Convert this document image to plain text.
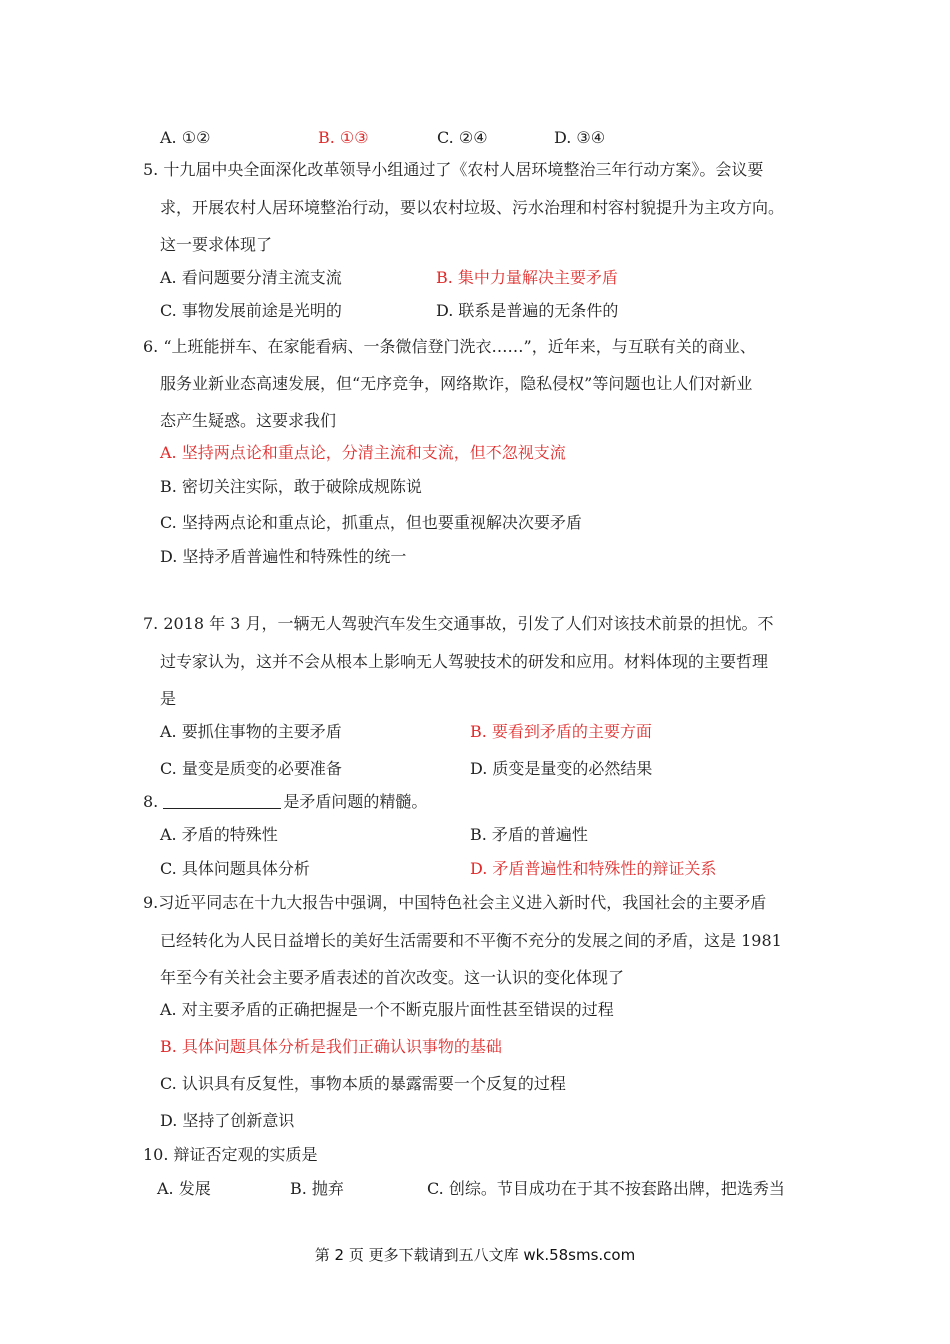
A. ①②	B. ①③	C. ②④	D. ③④
5. 十九届中央全面深化改革领导小组通过了《农村人居环境整治三年行动方案》。会议要
求，开展农村人居环境整治行动，要以农村垃圾、污水治理和村容村貌提升为主攻方向。
这一要求体现了
A. 看问题要分清主流支流	B. 集中力量解决主要矛盾
C. 事物发展前途是光明的	D. 联系是普遍的无条件的
6. “上班能拼车、在家能看病、一条微信登门洗衣……”，近年来，与互联有关的商业、
服务业新业态高速发展，但“无序竞争，网络欺诈，隐私侵权”等问题也让人们对新业
态产生疑惑。这要求我们
A. 坚持两点论和重点论，分清主流和支流，但不忽视支流
B. 密切关注实际，敢于破除成规陈说
C. 坚持两点论和重点论，抓重点，但也要重视解决次要矛盾
D. 坚持矛盾普遍性和特殊性的统一
7. 2018 年 3 月，一辆无人驾驶汽车发生交通事故，引发了人们对该技术前景的担忧。不
过专家认为，这并不会从根本上影响无人驾驶技术的研发和应用。材料体现的主要哲理
是
A. 要抓住事物的主要矛盾	B. 要看到矛盾的主要方面
C. 量变是质变的必要准备	D. 质变是量变的必然结果
8.	是矛盾问题的精髓。
A. 矛盾的特殊性	B. 矛盾的普遍性
C. 具体问题具体分析	D. 矛盾普遍性和特殊性的辩证关系
9.习近平同志在十九大报告中强调，中国特色社会主义进入新时代，我国社会的主要矛盾
已经转化为人民日益增长的美好生活需要和不平衡不充分的发展之间的矛盾，这是 1981
年至今有关社会主要矛盾表述的首次改变。这一认识的变化体现了
A. 对主要矛盾的正确把握是一个不断克服片面性甚至错误的过程
B. 具体问题具体分析是我们正确认识事物的基础
C. 认识具有反复性，事物本质的暴露需要一个反复的过程
D. 坚持了创新意识
10. 辩证否定观的实质是
A. 发展	B. 抛弃	C. 创综。节目成功在于其不按套路出牌，把选秀当
第 2 页 更多下载请到五八文库 wk.58sms.com
